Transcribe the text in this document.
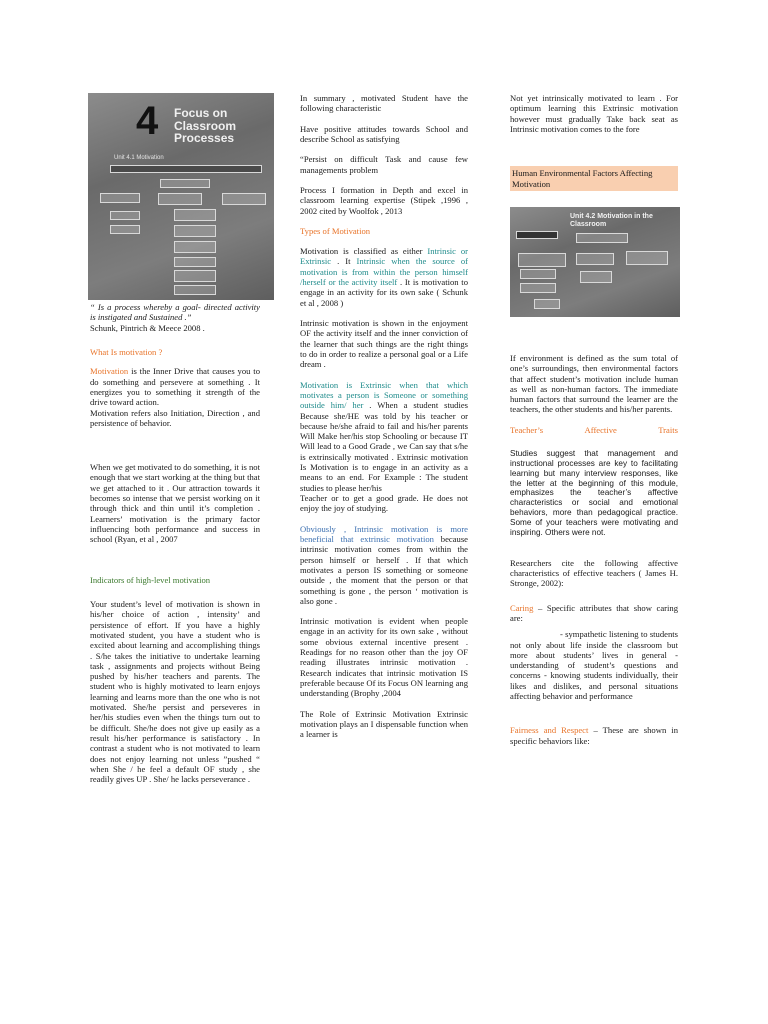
4 Focus on Classroom Processes
Unit 4.1 Motivation

“ Is a process whereby a goal- directed activity is instigated and Sustained .”
Schunk, Pintrich & Meece 2008 .

What Is motivation ?

Motivation is the Inner Drive that causes you to do something and persevere at something . It energizes you to something it strength of the drive toward action.

Motivation refers also Initiation, Direction , and persistence of behavior.

When we get motivated to do something, it is not enough that we start working at the thing but that we get attached to it . Our attraction towards it becomes so intense that we persist working on it through thick and thin until it’s completion . Learners’ motivation is the primary factor influencing both performance and success in school (Ryan, et al , 2007

Indicators of high-level motivation

Your student’s level of motivation is shown in his/her choice of action , intensity’ and persistence of effort. If you have a highly motivated student, you have a student who is excited about learning and accomplishing things . S/he takes the initiative to undertake learning task , assignments and projects without Being pushed by his/her teachers and parents. The student who is highly motivated to learn enjoys learning and learns more than the one who is not motivated. She/he persist and perseveres in her/his studies even when the things turn out to be difficult. She/he does not give up easily as a result his/her performance is satisfactory . In contrast a student who is not motivated to learn does not enjoy learning not unless ”pushed “ when She / he feel a default OF study , she readily gives UP . She/ he lacks perseverance .

In summary , motivated Student have the following characteristic

Have positive attitudes towards School and describe School as satisfying

“Persist on difficult Task and cause few managements problem

Process I formation in Depth and excel in classroom learning expertise (Stipek ,1996 , 2002 cited by Woolfok , 2013

Types of Motivation

Motivation is classified as either Intrinsic or Extrinsic . It Intrinsic when the source of motivation is from within the person himself /herself or the activity itself . It is motivation to engage in an activity for its own sake ( Schunk et al , 2008 )

Intrinsic motivation is shown in the enjoyment OF the activity itself and the inner conviction of the learner that such things are the right things to do in order to realize a personal goal or a Life dream .

Motivation is Extrinsic when that which motivates a person is Someone or something outside him/ her . When a student studies Because she/HE was told by his teacher or because he/she afraid to fail and his/her parents Will Make her/his stop Schooling or because IT Will lead to a Good Grade , we Can say that s/he is extrinsically motivated . Extrinsic motivation Is Motivation is to engage in an activity as a means to an end. For Example : The student studies to please her/his

Teacher or to get a good grade. He does not enjoy the joy of studying.

Obviously , Intrinsic motivation is more beneficial that extrinsic motivation because intrinsic motivation comes from within the person himself or herself . If that which motivates a person IS something or someone outside , the moment that the person or that something is gone , the person ‘ motivation is also gone .

Intrinsic motivation is evident when people engage in an activity for its own sake , without some obvious external incentive present . Readings for no reason other than the joy OF reading illustrates intrinsic motivation . Research indicates that intrinsic motivation IS preferable because Of its Focus ON learning ang understanding (Brophy ,2004

The Role of Extrinsic Motivation Extrinsic motivation plays an I dispensable function when a learner is

Not yet intrinsically motivated to learn . For optimum learning this Extrinsic motivation however must gradually Take back seat as Intrinsic motivation comes to the fore

Human Environmental Factors Affecting Motivation
Unit 4.2 Motivation in the Classroom

If environment is defined as the sum total of one’s surroundings, then environmental factors that affect student’s motivation include human as well as non-human factors. The immediate human factors that surround the learner are the teachers, the other students and his/her parents.

Teacher’s	Affective	Traits

Studies suggest that management and instructional processes are key to facilitating learning but many interview responses, like the letter at the beginning of this module, emphasizes the teacher’s affective characteristics or social and emotional behaviors, more than pedagogical practice. Some of your teachers were motivating and inspiring. Others were not.

Researchers cite the following affective characteristics of effective teachers ( James H. Stronge, 2002):

Caring – Specific attributes that show caring are:

- sympathetic listening to students not only about life inside the classroom but more about students’ lives in general - understanding of student’s questions and concerns - knowing students individually, their likes and dislikes, and personal situations affecting behavior and performance

Fairness and Respect – These are shown in specific behaviors like:
